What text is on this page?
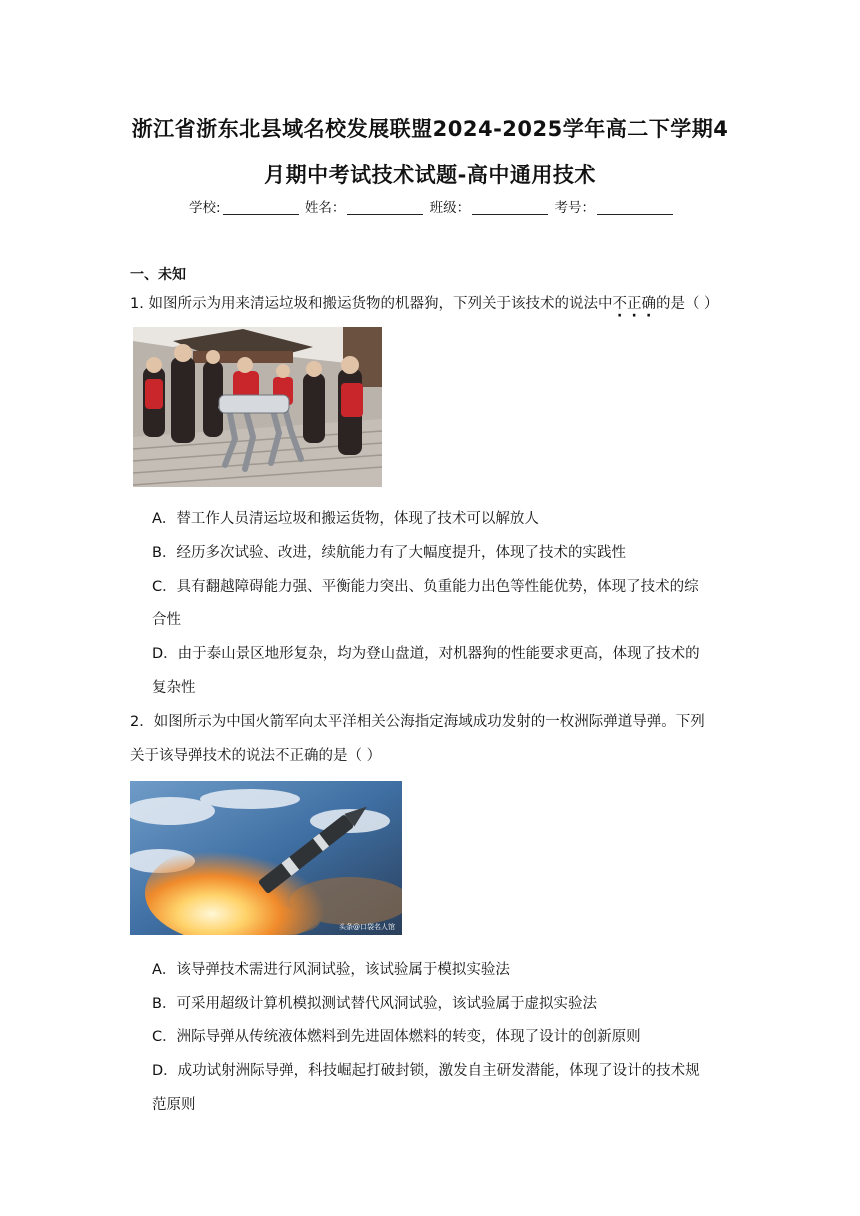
浙江省浙东北县域名校发展联盟2024-2025学年高二下学期4
月期中考试技术试题-高中通用技术
学校:	姓名：	班级：	考号：
一、未知
1. 如图所示为用来清运垃圾和搬运货物的机器狗，下列关于该技术的说法中不正确的是（ ）
A．替工作人员清运垃圾和搬运货物，体现了技术可以解放人
B．经历多次试验、改进，续航能力有了大幅度提升，体现了技术的实践性
C．具有翻越障碍能力强、平衡能力突出、负重能力出色等性能优势，体现了技术的综
合性
D．由于泰山景区地形复杂，均为登山盘道，对机器狗的性能要求更高，体现了技术的
复杂性
2．如图所示为中国火箭军向太平洋相关公海指定海域成功发射的一枚洲际弹道导弹。下列
关于该导弹技术的说法不正确的是（ ）
头条@口袋名人馆
A．该导弹技术需进行风洞试验，该试验属于模拟实验法
B．可采用超级计算机模拟测试替代风洞试验，该试验属于虚拟实验法
C．洲际导弹从传统液体燃料到先进固体燃料的转变，体现了设计的创新原则
D．成功试射洲际导弹，科技崛起打破封锁，激发自主研发潜能，体现了设计的技术规
范原则
